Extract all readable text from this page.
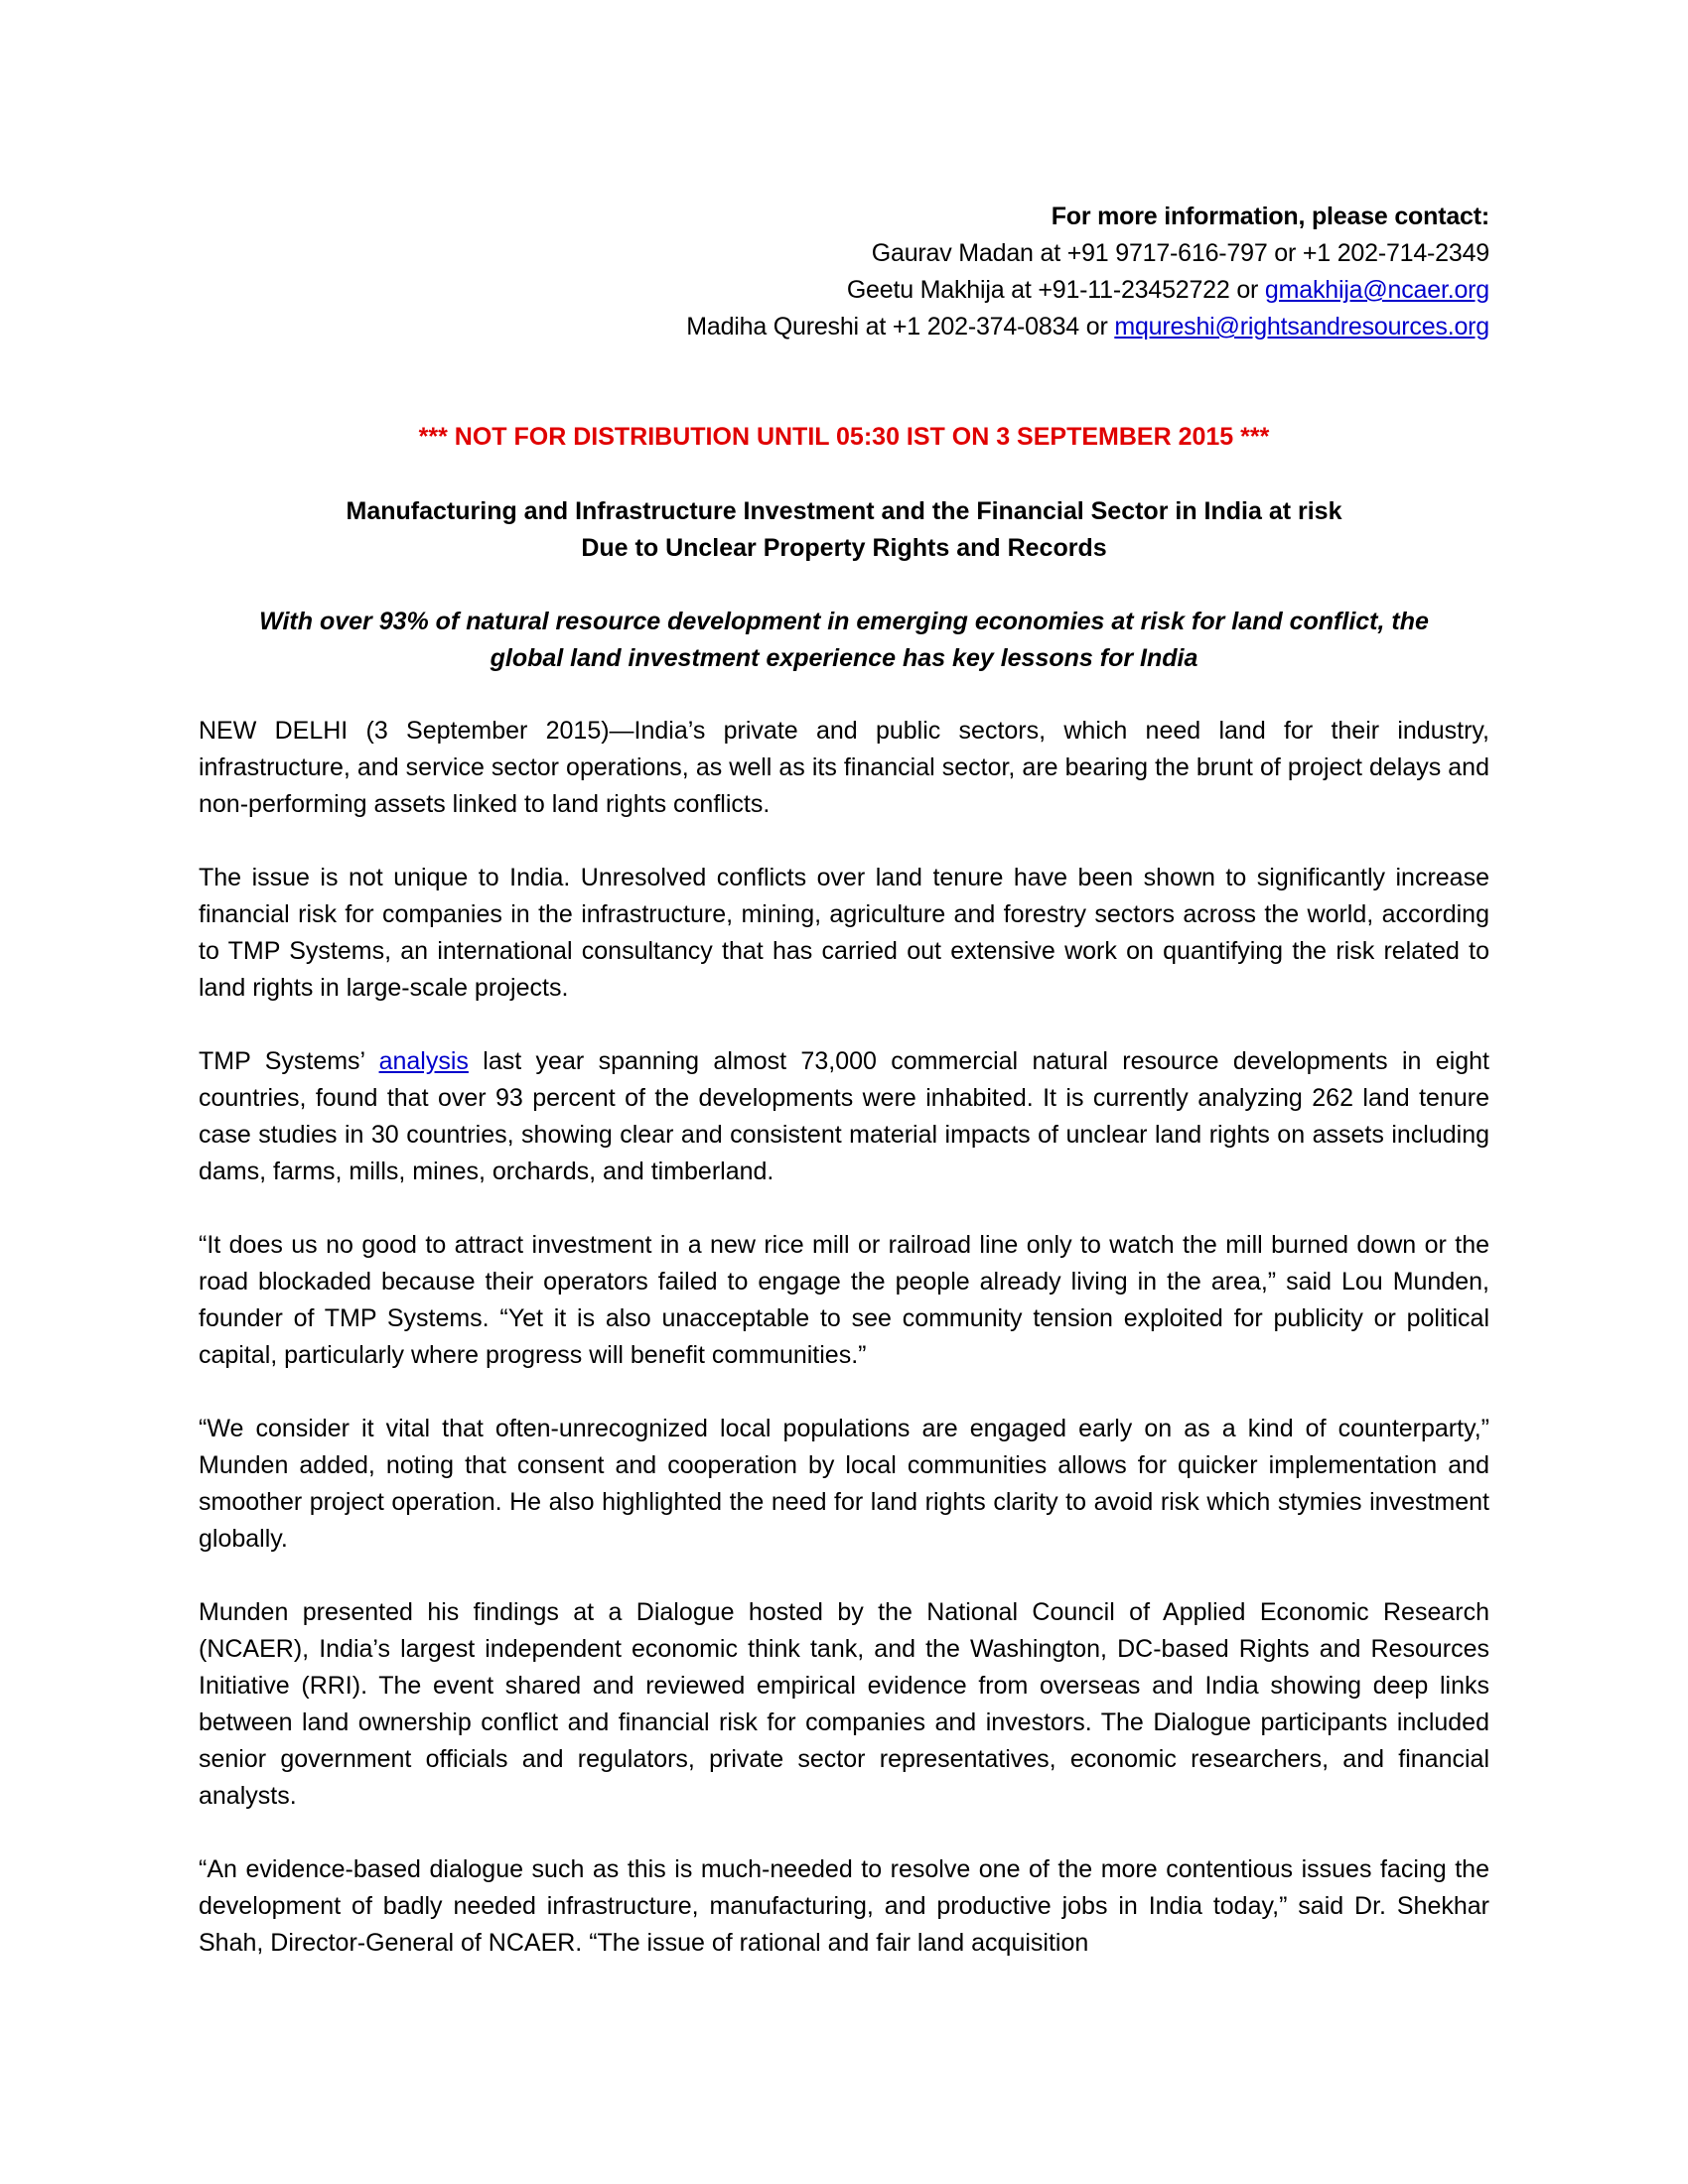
For more information, please contact:
Gaurav Madan at +91 9717-616-797 or +1 202-714-2349
Geetu Makhija at +91-11-23452722 or gmakhija@ncaer.org
Madiha Qureshi at +1 202-374-0834 or mqureshi@rightsandresources.org
*** NOT FOR DISTRIBUTION UNTIL 05:30 IST ON 3 SEPTEMBER 2015 ***
Manufacturing and Infrastructure Investment and the Financial Sector in India at risk
Due to Unclear Property Rights and Records
With over 93% of natural resource development in emerging economies at risk for land conflict, the
global land investment experience has key lessons for India

NEW DELHI (3 September 2015)—India’s private and public sectors, which need land for their industry, infrastructure, and service sector operations, as well as its financial sector, are bearing the brunt of project delays and non-performing assets linked to land rights conflicts.

The issue is not unique to India. Unresolved conflicts over land tenure have been shown to significantly increase financial risk for companies in the infrastructure, mining, agriculture and forestry sectors across the world, according to TMP Systems, an international consultancy that has carried out extensive work on quantifying the risk related to land rights in large-scale projects.

TMP Systems’ analysis last year spanning almost 73,000 commercial natural resource developments in eight countries, found that over 93 percent of the developments were inhabited. It is currently analyzing 262 land tenure case studies in 30 countries, showing clear and consistent material impacts of unclear land rights on assets including dams, farms, mills, mines, orchards, and timberland.

“It does us no good to attract investment in a new rice mill or railroad line only to watch the mill burned down or the road blockaded because their operators failed to engage the people already living in the area,” said Lou Munden, founder of TMP Systems. “Yet it is also unacceptable to see community tension exploited for publicity or political capital, particularly where progress will benefit communities.”

“We consider it vital that often-unrecognized local populations are engaged early on as a kind of counterparty,” Munden added, noting that consent and cooperation by local communities allows for quicker implementation and smoother project operation. He also highlighted the need for land rights clarity to avoid risk which stymies investment globally.

Munden presented his findings at a Dialogue hosted by the National Council of Applied Economic Research (NCAER), India’s largest independent economic think tank, and the Washington, DC-based Rights and Resources Initiative (RRI). The event shared and reviewed empirical evidence from overseas and India showing deep links between land ownership conflict and financial risk for companies and investors. The Dialogue participants included senior government officials and regulators, private sector representatives, economic researchers, and financial analysts.

“An evidence-based dialogue such as this is much-needed to resolve one of the more contentious issues facing the development of badly needed infrastructure, manufacturing, and productive jobs in India today,” said Dr. Shekhar Shah, Director-General of NCAER. “The issue of rational and fair land acquisition
